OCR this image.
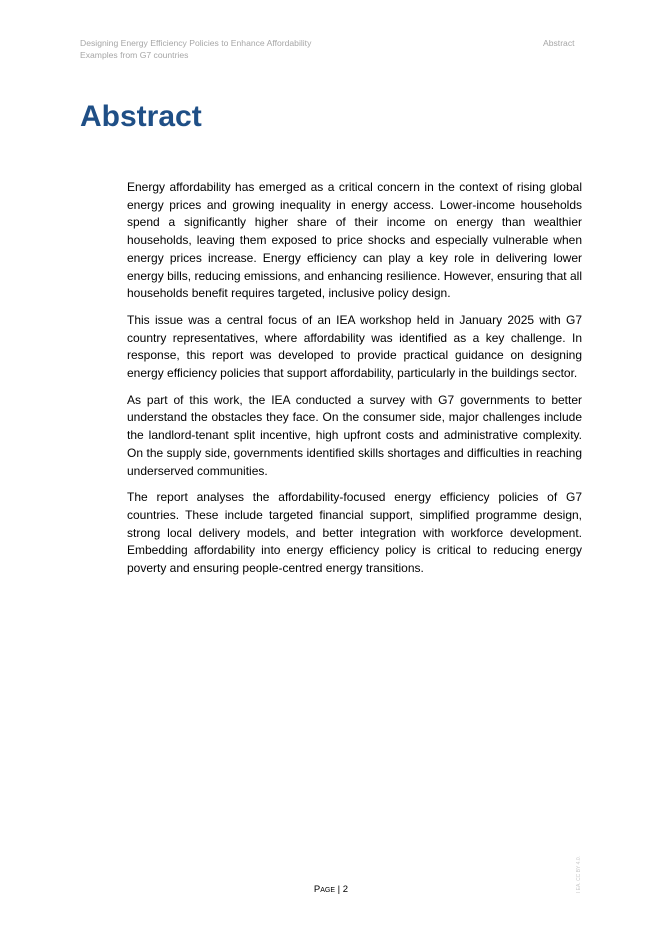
Designing Energy Efficiency Policies to Enhance Affordability
Examples from G7 countries
Abstract
Abstract

Energy affordability has emerged as a critical concern in the context of rising global energy prices and growing inequality in energy access. Lower-income households spend a significantly higher share of their income on energy than wealthier households, leaving them exposed to price shocks and especially vulnerable when energy prices increase. Energy efficiency can play a key role in delivering lower energy bills, reducing emissions, and enhancing resilience. However, ensuring that all households benefit requires targeted, inclusive policy design.

This issue was a central focus of an IEA workshop held in January 2025 with G7 country representatives, where affordability was identified as a key challenge. In response, this report was developed to provide practical guidance on designing energy efficiency policies that support affordability, particularly in the buildings sector.

As part of this work, the IEA conducted a survey with G7 governments to better understand the obstacles they face. On the consumer side, major challenges include the landlord-tenant split incentive, high upfront costs and administrative complexity. On the supply side, governments identified skills shortages and difficulties in reaching underserved communities.

The report analyses the affordability-focused energy efficiency policies of G7 countries. These include targeted financial support, simplified programme design, strong local delivery models, and better integration with workforce development. Embedding affordability into energy efficiency policy is critical to reducing energy poverty and ensuring people-centred energy transitions.

I EA. CC BY 4.0.
Page | 2
